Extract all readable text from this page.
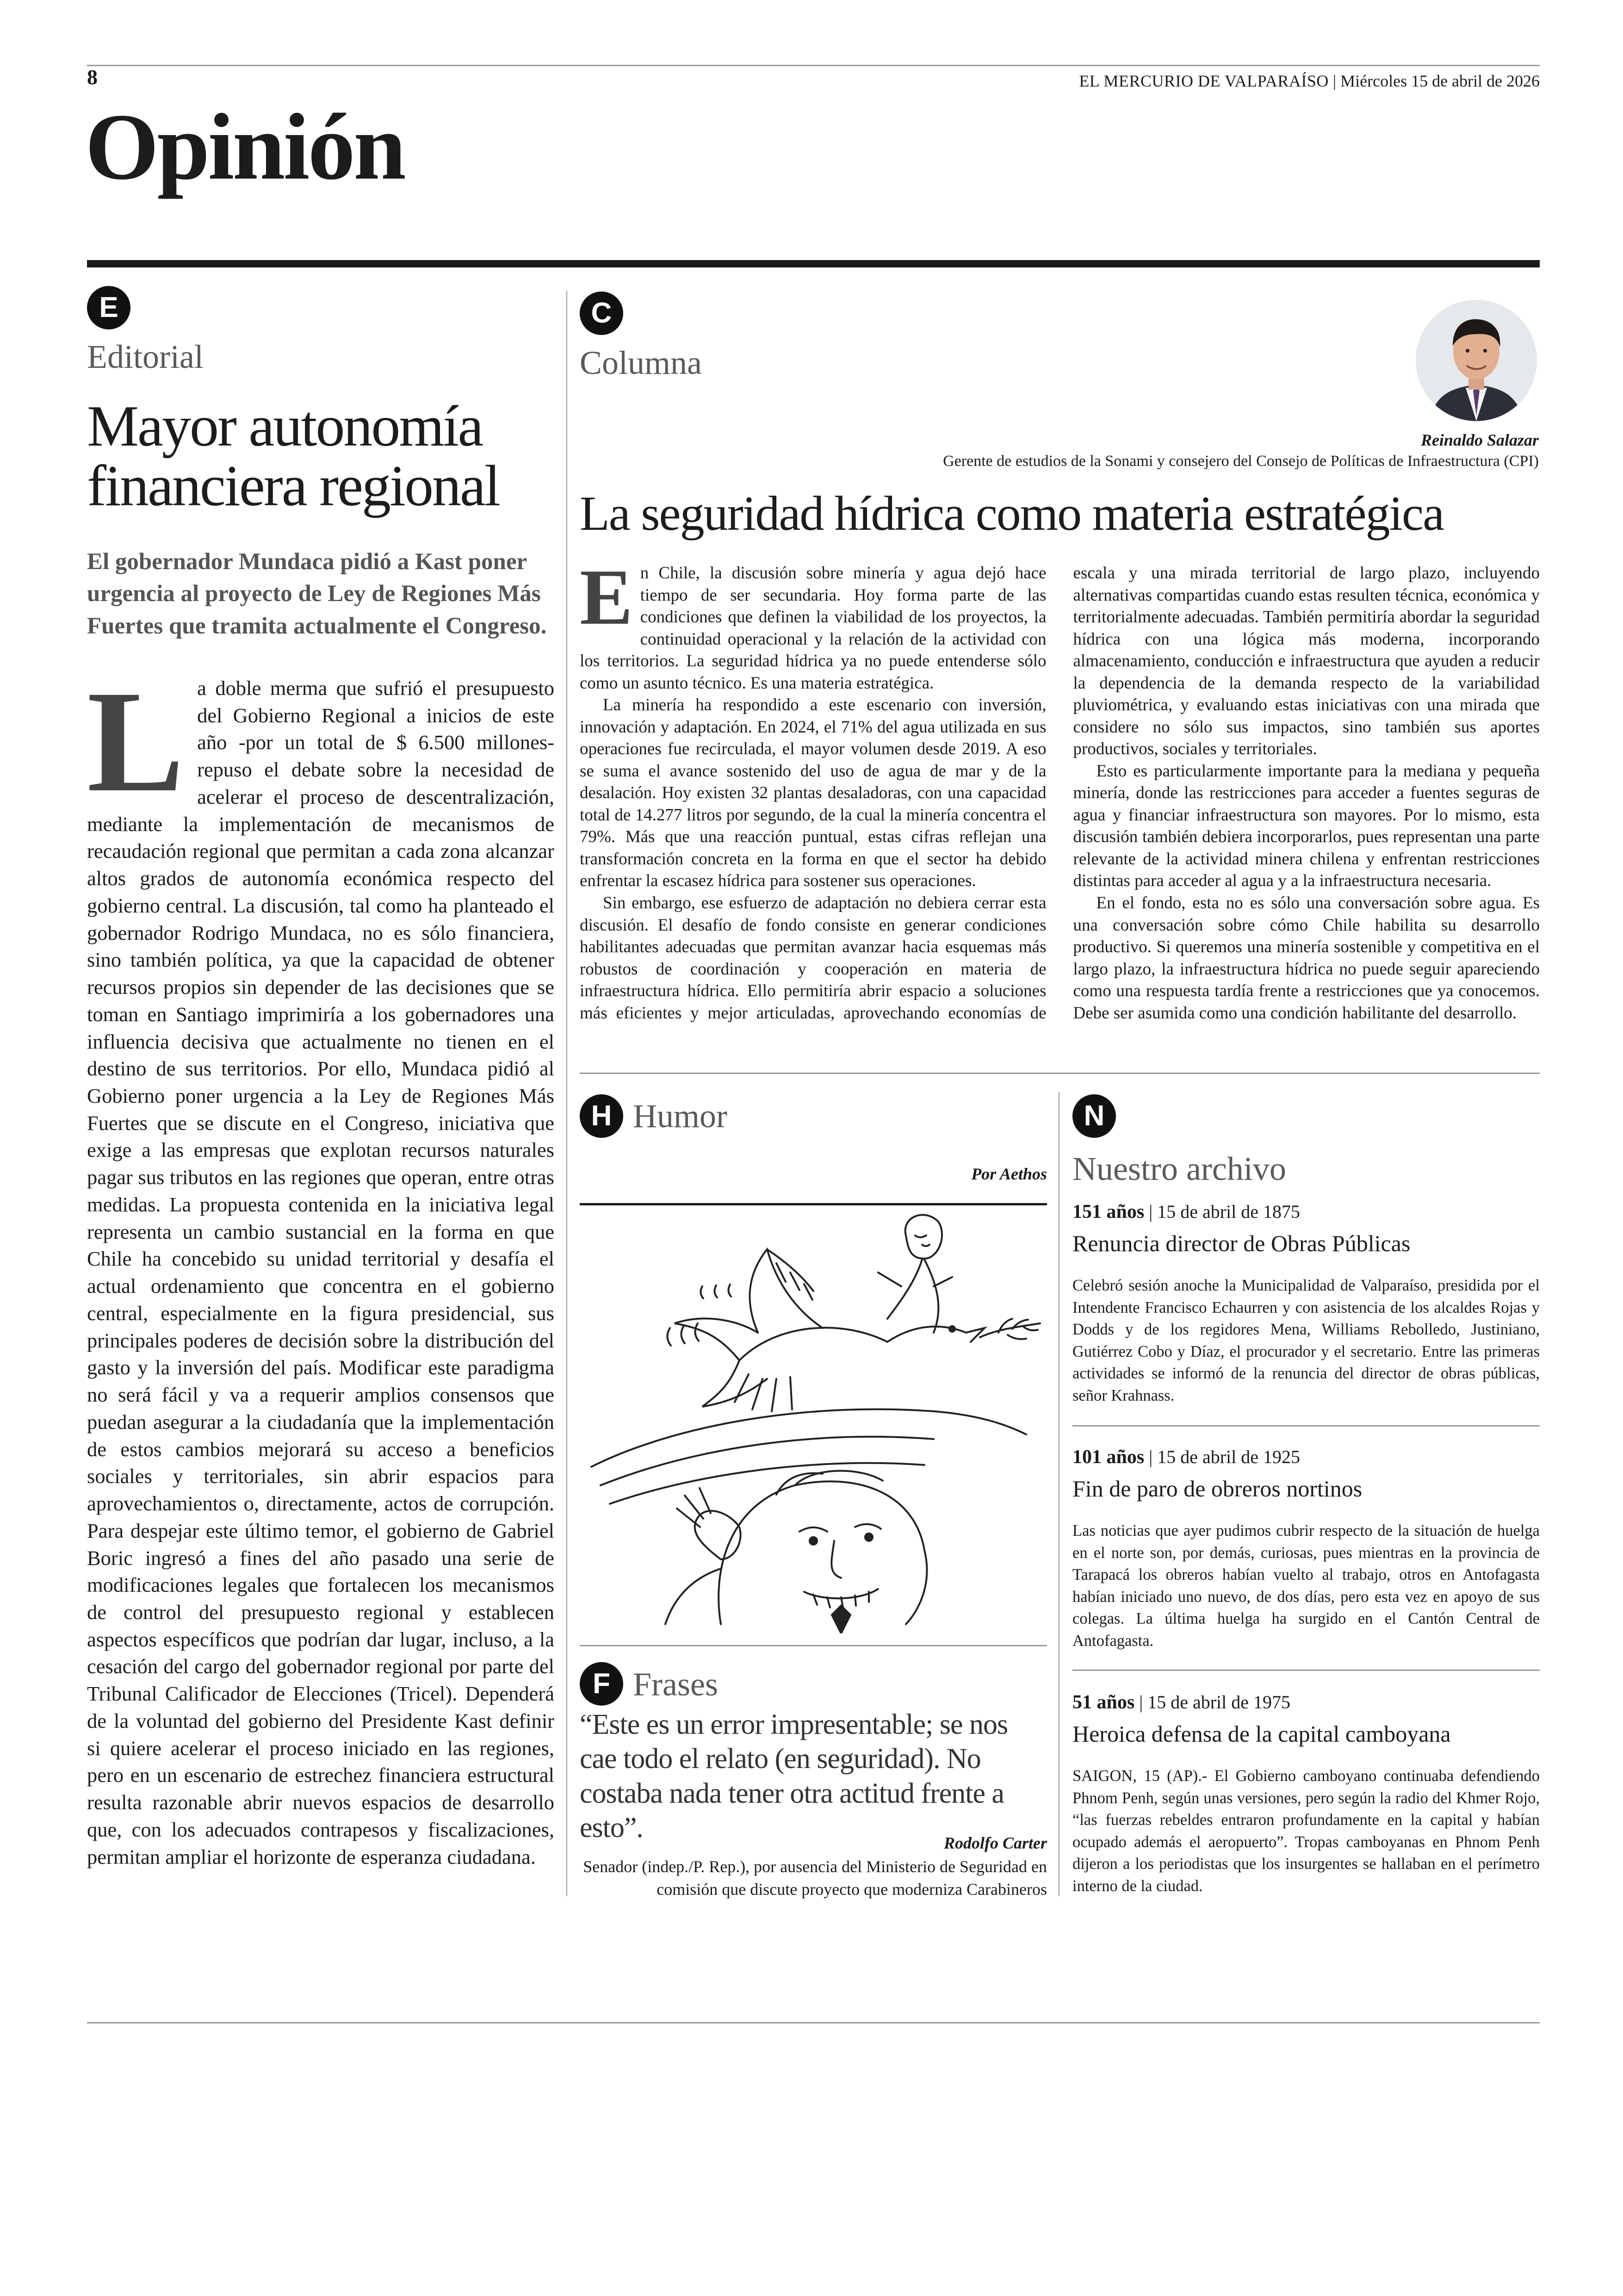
8	EL MERCURIO DE VALPARAÍSO | Miércoles 15 de abril de 2026
Opinión
E
Editorial
Mayor autonomía financiera regional
El gobernador Mundaca pidió a Kast poner urgencia al proyecto de Ley de Regiones Más Fuertes que tramita actualmente el Congreso.
La doble merma que sufrió el presupuesto del Gobierno Regional a inicios de este año -por un total de $ 6.500 millones- repuso el debate sobre la necesidad de acelerar el proceso de descentralización, mediante la implementación de mecanismos de recaudación regional que permitan a cada zona alcanzar altos grados de autonomía económica respecto del gobierno central. La discusión, tal como ha planteado el gobernador Rodrigo Mundaca, no es sólo financiera, sino también política, ya que la capacidad de obtener recursos propios sin depender de las decisiones que se toman en Santiago imprimiría a los gobernadores una influencia decisiva que actualmente no tienen en el destino de sus territorios. Por ello, Mundaca pidió al Gobierno poner urgencia a la Ley de Regiones Más Fuertes que se discute en el Congreso, iniciativa que exige a las empresas que explotan recursos naturales pagar sus tributos en las regiones que operan, entre otras medidas. La propuesta contenida en la iniciativa legal representa un cambio sustancial en la forma en que Chile ha concebido su unidad territorial y desafía el actual ordenamiento que concentra en el gobierno central, especialmente en la figura presidencial, sus principales poderes de decisión sobre la distribución del gasto y la inversión del país. Modificar este paradigma no será fácil y va a requerir amplios consensos que puedan asegurar a la ciudadanía que la implementación de estos cambios mejorará su acceso a beneficios sociales y territoriales, sin abrir espacios para aprovechamientos o, directamente, actos de corrupción. Para despejar este último temor, el gobierno de Gabriel Boric ingresó a fines del año pasado una serie de modificaciones legales que fortalecen los mecanismos de control del presupuesto regional y establecen aspectos específicos que podrían dar lugar, incluso, a la cesación del cargo del gobernador regional por parte del Tribunal Calificador de Elecciones (Tricel). Dependerá de la voluntad del gobierno del Presidente Kast definir si quiere acelerar el proceso iniciado en las regiones, pero en un escenario de estrechez financiera estructural resulta razonable abrir nuevos espacios de desarrollo que, con los adecuados contrapesos y fiscalizaciones, permitan ampliar el horizonte de esperanza ciudadana.
C
Columna
Reinaldo Salazar
Gerente de estudios de la Sonami y consejero del Consejo de Políticas de Infraestructura (CPI)
La seguridad hídrica como materia estratégica

En Chile, la discusión sobre minería y agua dejó hace tiempo de ser secundaria. Hoy forma parte de las condiciones que definen la viabilidad de los proyectos, la continuidad operacional y la relación de la actividad con los territorios. La seguridad hídrica ya no puede entenderse sólo como un asunto técnico. Es una materia estratégica.

La minería ha respondido a este escenario con inversión, innovación y adaptación. En 2024, el 71% del agua utilizada en sus operaciones fue recirculada, el mayor volumen desde 2019. A eso se suma el avance sostenido del uso de agua de mar y de la desalación. Hoy existen 32 plantas desaladoras, con una capacidad total de 14.277 litros por segundo, de la cual la minería concentra el 79%. Más que una reacción puntual, estas cifras reflejan una transformación concreta en la forma en que el sector ha debido enfrentar la escasez hídrica para sostener sus operaciones.

Sin embargo, ese esfuerzo de adaptación no debiera cerrar esta discusión. El desafío de fondo consiste en generar condiciones habilitantes adecuadas que permitan avanzar hacia esquemas más robustos de coordinación y cooperación en materia de infraestructura hídrica. Ello permitiría abrir espacio a soluciones más eficientes y mejor articuladas, aprovechando economías de escala y una mirada territorial de largo plazo, incluyendo alternativas compartidas cuando estas resulten técnica, económica y territorialmente adecuadas. También permitiría abordar la seguridad hídrica con una lógica más moderna, incorporando almacenamiento, conducción e infraestructura que ayuden a reducir la dependencia de la demanda respecto de la variabilidad pluviométrica, y evaluando estas iniciativas con una mirada que considere no sólo sus impactos, sino también sus aportes productivos, sociales y territoriales.

Esto es particularmente importante para la mediana y pequeña minería, donde las restricciones para acceder a fuentes seguras de agua y financiar infraestructura son mayores. Por lo mismo, esta discusión también debiera incorporarlos, pues representan una parte relevante de la actividad minera chilena y enfrentan restricciones distintas para acceder al agua y a la infraestructura necesaria.

En el fondo, esta no es sólo una conversación sobre agua. Es una conversación sobre cómo Chile habilita su desarrollo productivo. Si queremos una minería sostenible y competitiva en el largo plazo, la infraestructura hídrica no puede seguir apareciendo como una respuesta tardía frente a restricciones que ya conocemos. Debe ser asumida como una condición habilitante del desarrollo.

H Humor
Por Aethos
F Frases
“Este es un error impresentable; se nos cae todo el relato (en seguridad). No costaba nada tener otra actitud frente a esto”.	Rodolfo Carter
Senador (indep./P. Rep.), por ausencia del Ministerio de Seguridad en comisión que discute proyecto que moderniza Carabineros
N
Nuestro archivo
151 años | 15 de abril de 1875
Renuncia director de Obras Públicas
Celebró sesión anoche la Municipalidad de Valparaíso, presidida por el Intendente Francisco Echaurren y con asistencia de los alcaldes Rojas y Dodds y de los regidores Mena, Williams Rebolledo, Justiniano, Gutiérrez Cobo y Díaz, el procurador y el secretario. Entre las primeras actividades se informó de la renuncia del director de obras públicas, señor Krahnass.
101 años | 15 de abril de 1925
Fin de paro de obreros nortinos
Las noticias que ayer pudimos cubrir respecto de la situación de huelga en el norte son, por demás, curiosas, pues mientras en la provincia de Tarapacá los obreros habían vuelto al trabajo, otros en Antofagasta habían iniciado uno nuevo, de dos días, pero esta vez en apoyo de sus colegas. La última huelga ha surgido en el Cantón Central de Antofagasta.
51 años | 15 de abril de 1975
Heroica defensa de la capital camboyana
SAIGON, 15 (AP).- El Gobierno camboyano continuaba defendiendo Phnom Penh, según unas versiones, pero según la radio del Khmer Rojo, “las fuerzas rebeldes entraron profundamente en la capital y habían ocupado además el aeropuerto”. Tropas camboyanas en Phnom Penh dijeron a los periodistas que los insurgentes se hallaban en el perímetro interno de la ciudad.
